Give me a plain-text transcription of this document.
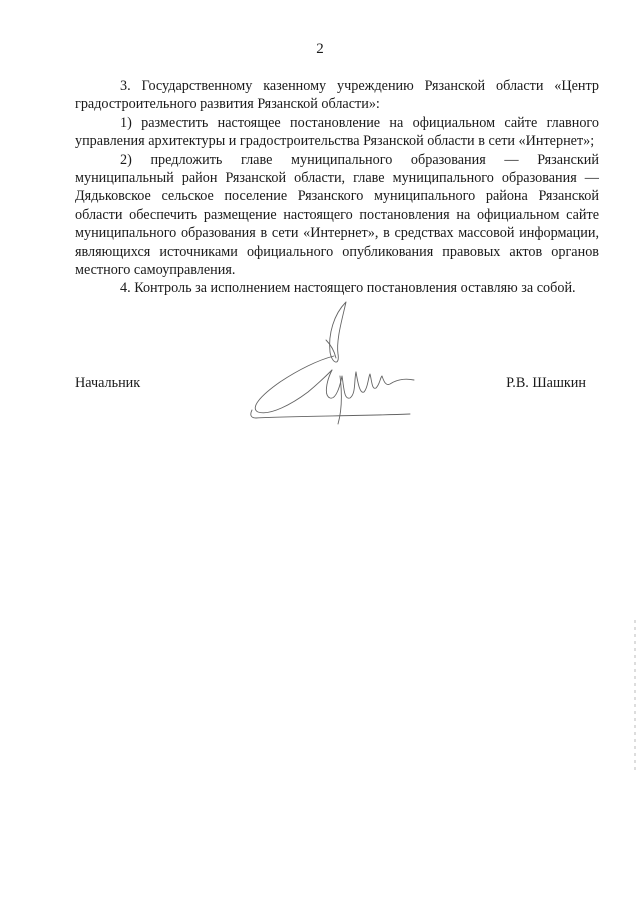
2

3. Государственному казенному учреждению Рязанской области «Центр градостроительного развития Рязанской области»:

1) разместить настоящее постановление на официальном сайте главного управления архитектуры и градостроительства Рязанской области в сети «Интернет»;

2) предложить главе муниципального образования — Рязанский муниципальный район Рязанской области, главе муниципального образования — Дядьковское сельское поселение Рязанского муниципального района Рязанской области обеспечить размещение настоящего постановления на официальном сайте муниципального образования в сети «Интернет», в средствах массовой информации, являющихся источниками официального опубликования правовых актов органов местного самоуправления.

4. Контроль за исполнением настоящего постановления оставляю за собой.

Начальник	Р.В. Шашкин
